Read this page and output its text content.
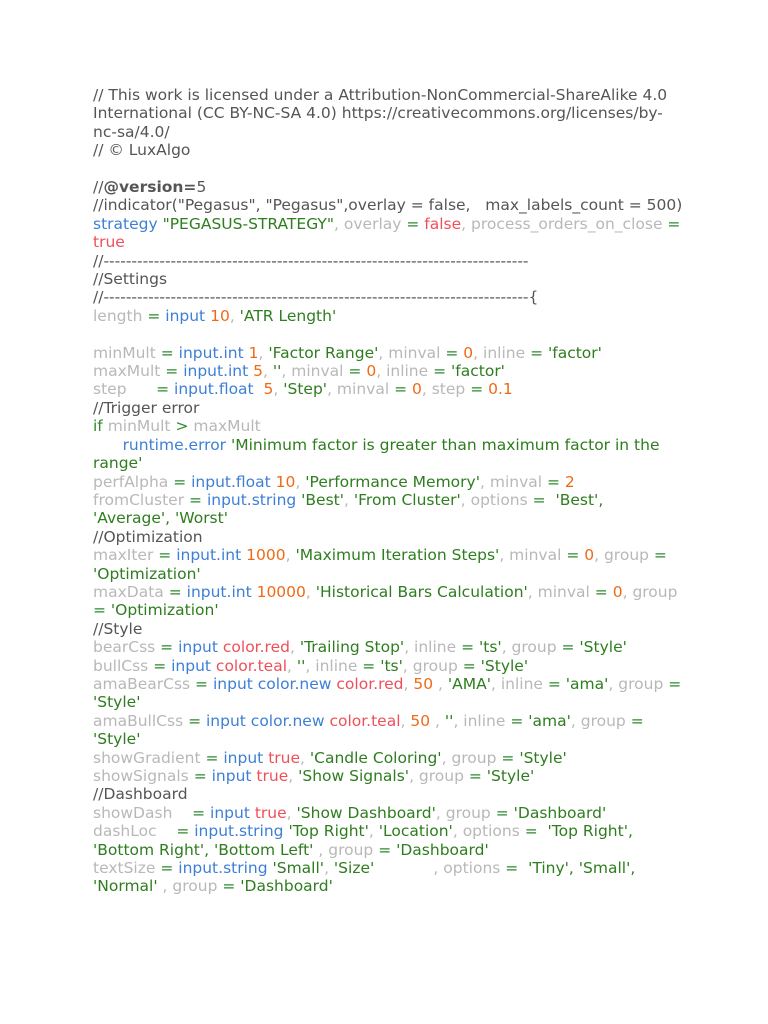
// This work is licensed under a Attribution-NonCommercial-ShareAlike 4.0 International (CC BY-NC-SA 4.0) https://creativecommons.org/licenses/by-nc-sa/4.0/
// © LuxAlgo
//@version=5
//indicator("Pegasus", "Pegasus",overlay = false,   max_labels_count = 500)
strategy "PEGASUS-STRATEGY", overlay = false, process_orders_on_close = true
//----------------------------------------------------------------------------
//Settings
//----------------------------------------------------------------------------{
length = input 10, 'ATR Length'
minMult = input.int 1, 'Factor Range', minval = 0, inline = 'factor'
maxMult = input.int 5, '', minval = 0, inline = 'factor'
step      = input.float  5, 'Step', minval = 0, step = 0.1
//Trigger error
if minMult > maxMult
runtime.error 'Minimum factor is greater than maximum factor in the range'
perfAlpha = input.float 10, 'Performance Memory', minval = 2
fromCluster = input.string 'Best', 'From Cluster', options =  'Best', 'Average', 'Worst'
//Optimization
maxIter = input.int 1000, 'Maximum Iteration Steps', minval = 0, group = 'Optimization'
maxData = input.int 10000, 'Historical Bars Calculation', minval = 0, group = 'Optimization'
//Style
bearCss = input color.red, 'Trailing Stop', inline = 'ts', group = 'Style'
bullCss = input color.teal, '', inline = 'ts', group = 'Style'
amaBearCss = input color.new color.red, 50 , 'AMA', inline = 'ama', group = 'Style'
amaBullCss = input color.new color.teal, 50 , '', inline = 'ama', group = 'Style'
showGradient = input true, 'Candle Coloring', group = 'Style'
showSignals = input true, 'Show Signals', group = 'Style'
//Dashboard
showDash    = input true, 'Show Dashboard', group = 'Dashboard'
dashLoc    = input.string 'Top Right', 'Location', options =  'Top Right', 'Bottom Right', 'Bottom Left' , group = 'Dashboard'
textSize = input.string 'Small', 'Size'            , options =  'Tiny', 'Small', 'Normal' , group = 'Dashboard'
